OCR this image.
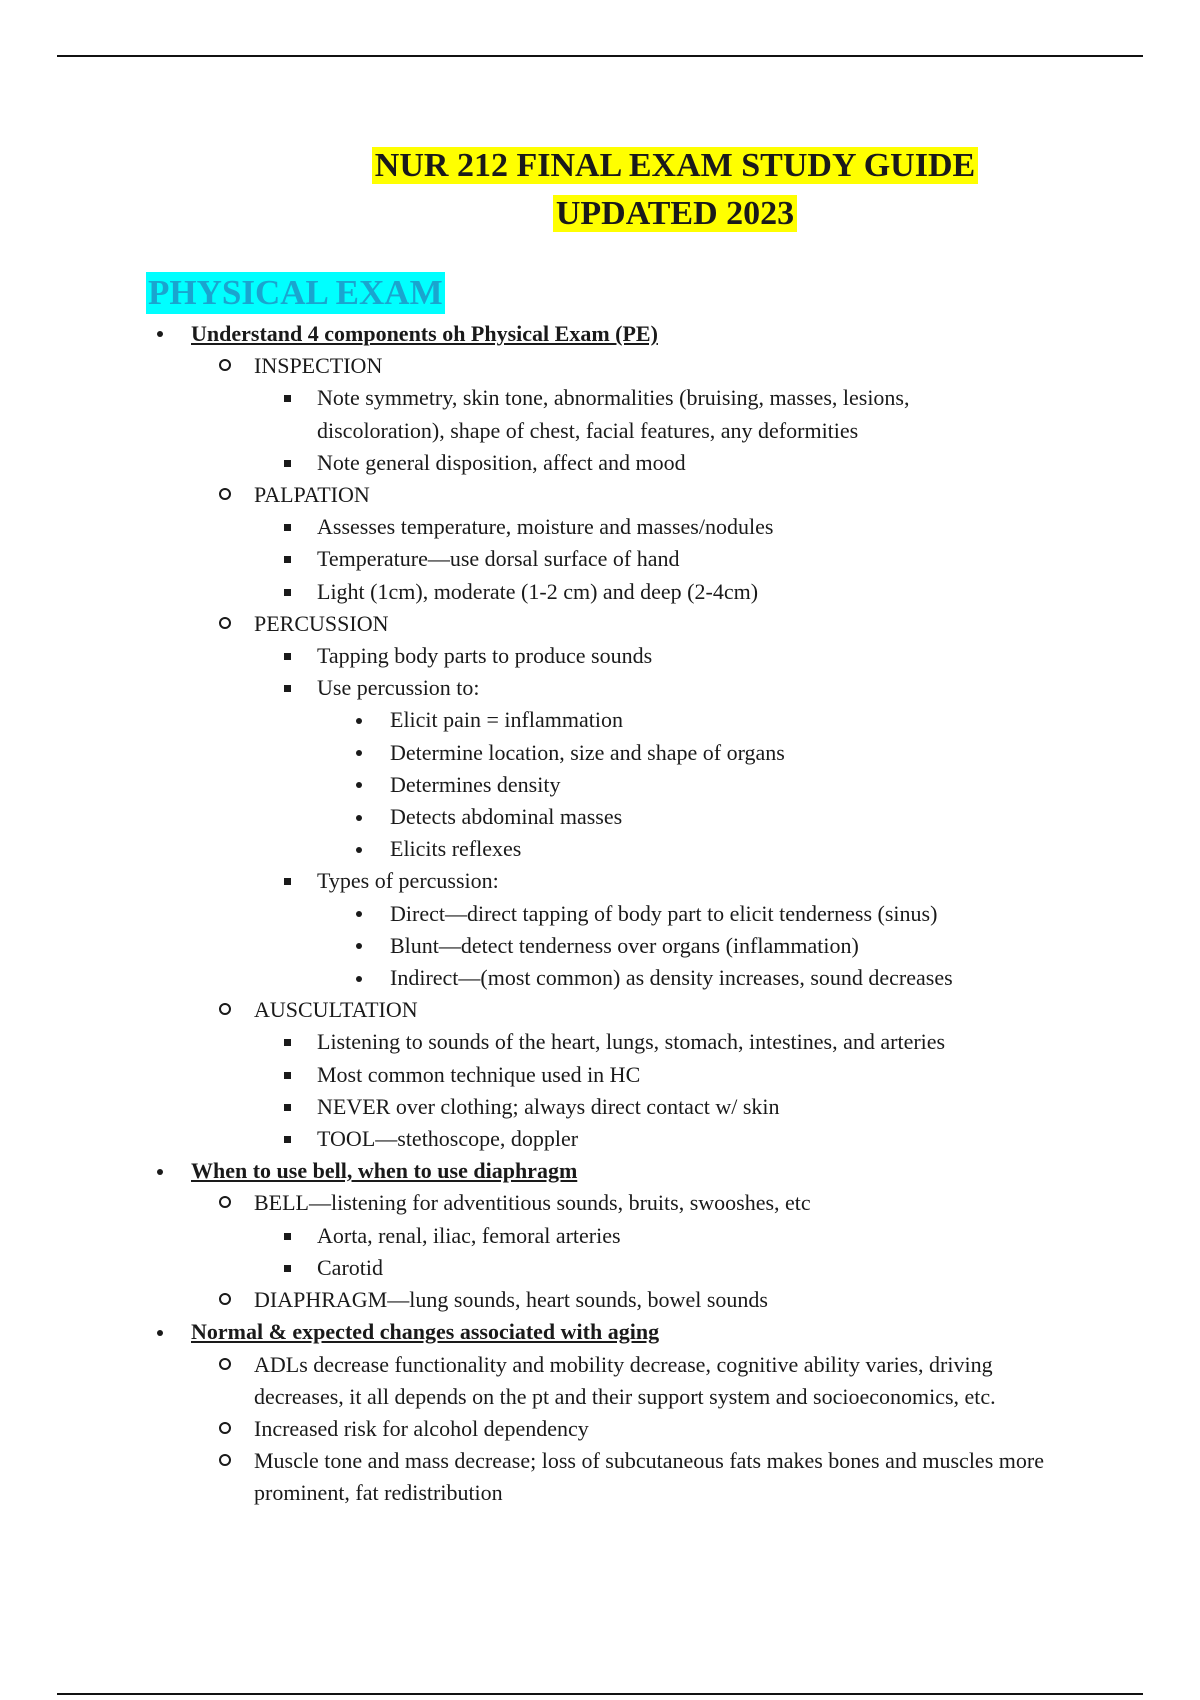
NUR 212 FINAL EXAM STUDY GUIDE
UPDATED 2023
PHYSICAL EXAM
Understand 4 components oh Physical Exam (PE)
INSPECTION
Note symmetry, skin tone, abnormalities (bruising, masses, lesions, discoloration), shape of chest, facial features, any deformities
Note general disposition, affect and mood
PALPATION
Assesses temperature, moisture and masses/nodules
Temperature—use dorsal surface of hand
Light (1cm), moderate (1-2 cm) and deep (2-4cm)
PERCUSSION
Tapping body parts to produce sounds
Use percussion to:
Elicit pain = inflammation
Determine location, size and shape of organs
Determines density
Detects abdominal masses
Elicits reflexes
Types of percussion:
Direct—direct tapping of body part to elicit tenderness (sinus)
Blunt—detect tenderness over organs (inflammation)
Indirect—(most common) as density increases, sound decreases
AUSCULTATION
Listening to sounds of the heart, lungs, stomach, intestines, and arteries
Most common technique used in HC
NEVER over clothing; always direct contact w/ skin
TOOL—stethoscope, doppler
When to use bell, when to use diaphragm
BELL—listening for adventitious sounds, bruits, swooshes, etc
Aorta, renal, iliac, femoral arteries
Carotid
DIAPHRAGM—lung sounds, heart sounds, bowel sounds
Normal & expected changes associated with aging
ADLs decrease functionality and mobility decrease, cognitive ability varies, driving decreases, it all depends on the pt and their support system and socioeconomics, etc.
Increased risk for alcohol dependency
Muscle tone and mass decrease; loss of subcutaneous fats makes bones and muscles more prominent, fat redistribution
